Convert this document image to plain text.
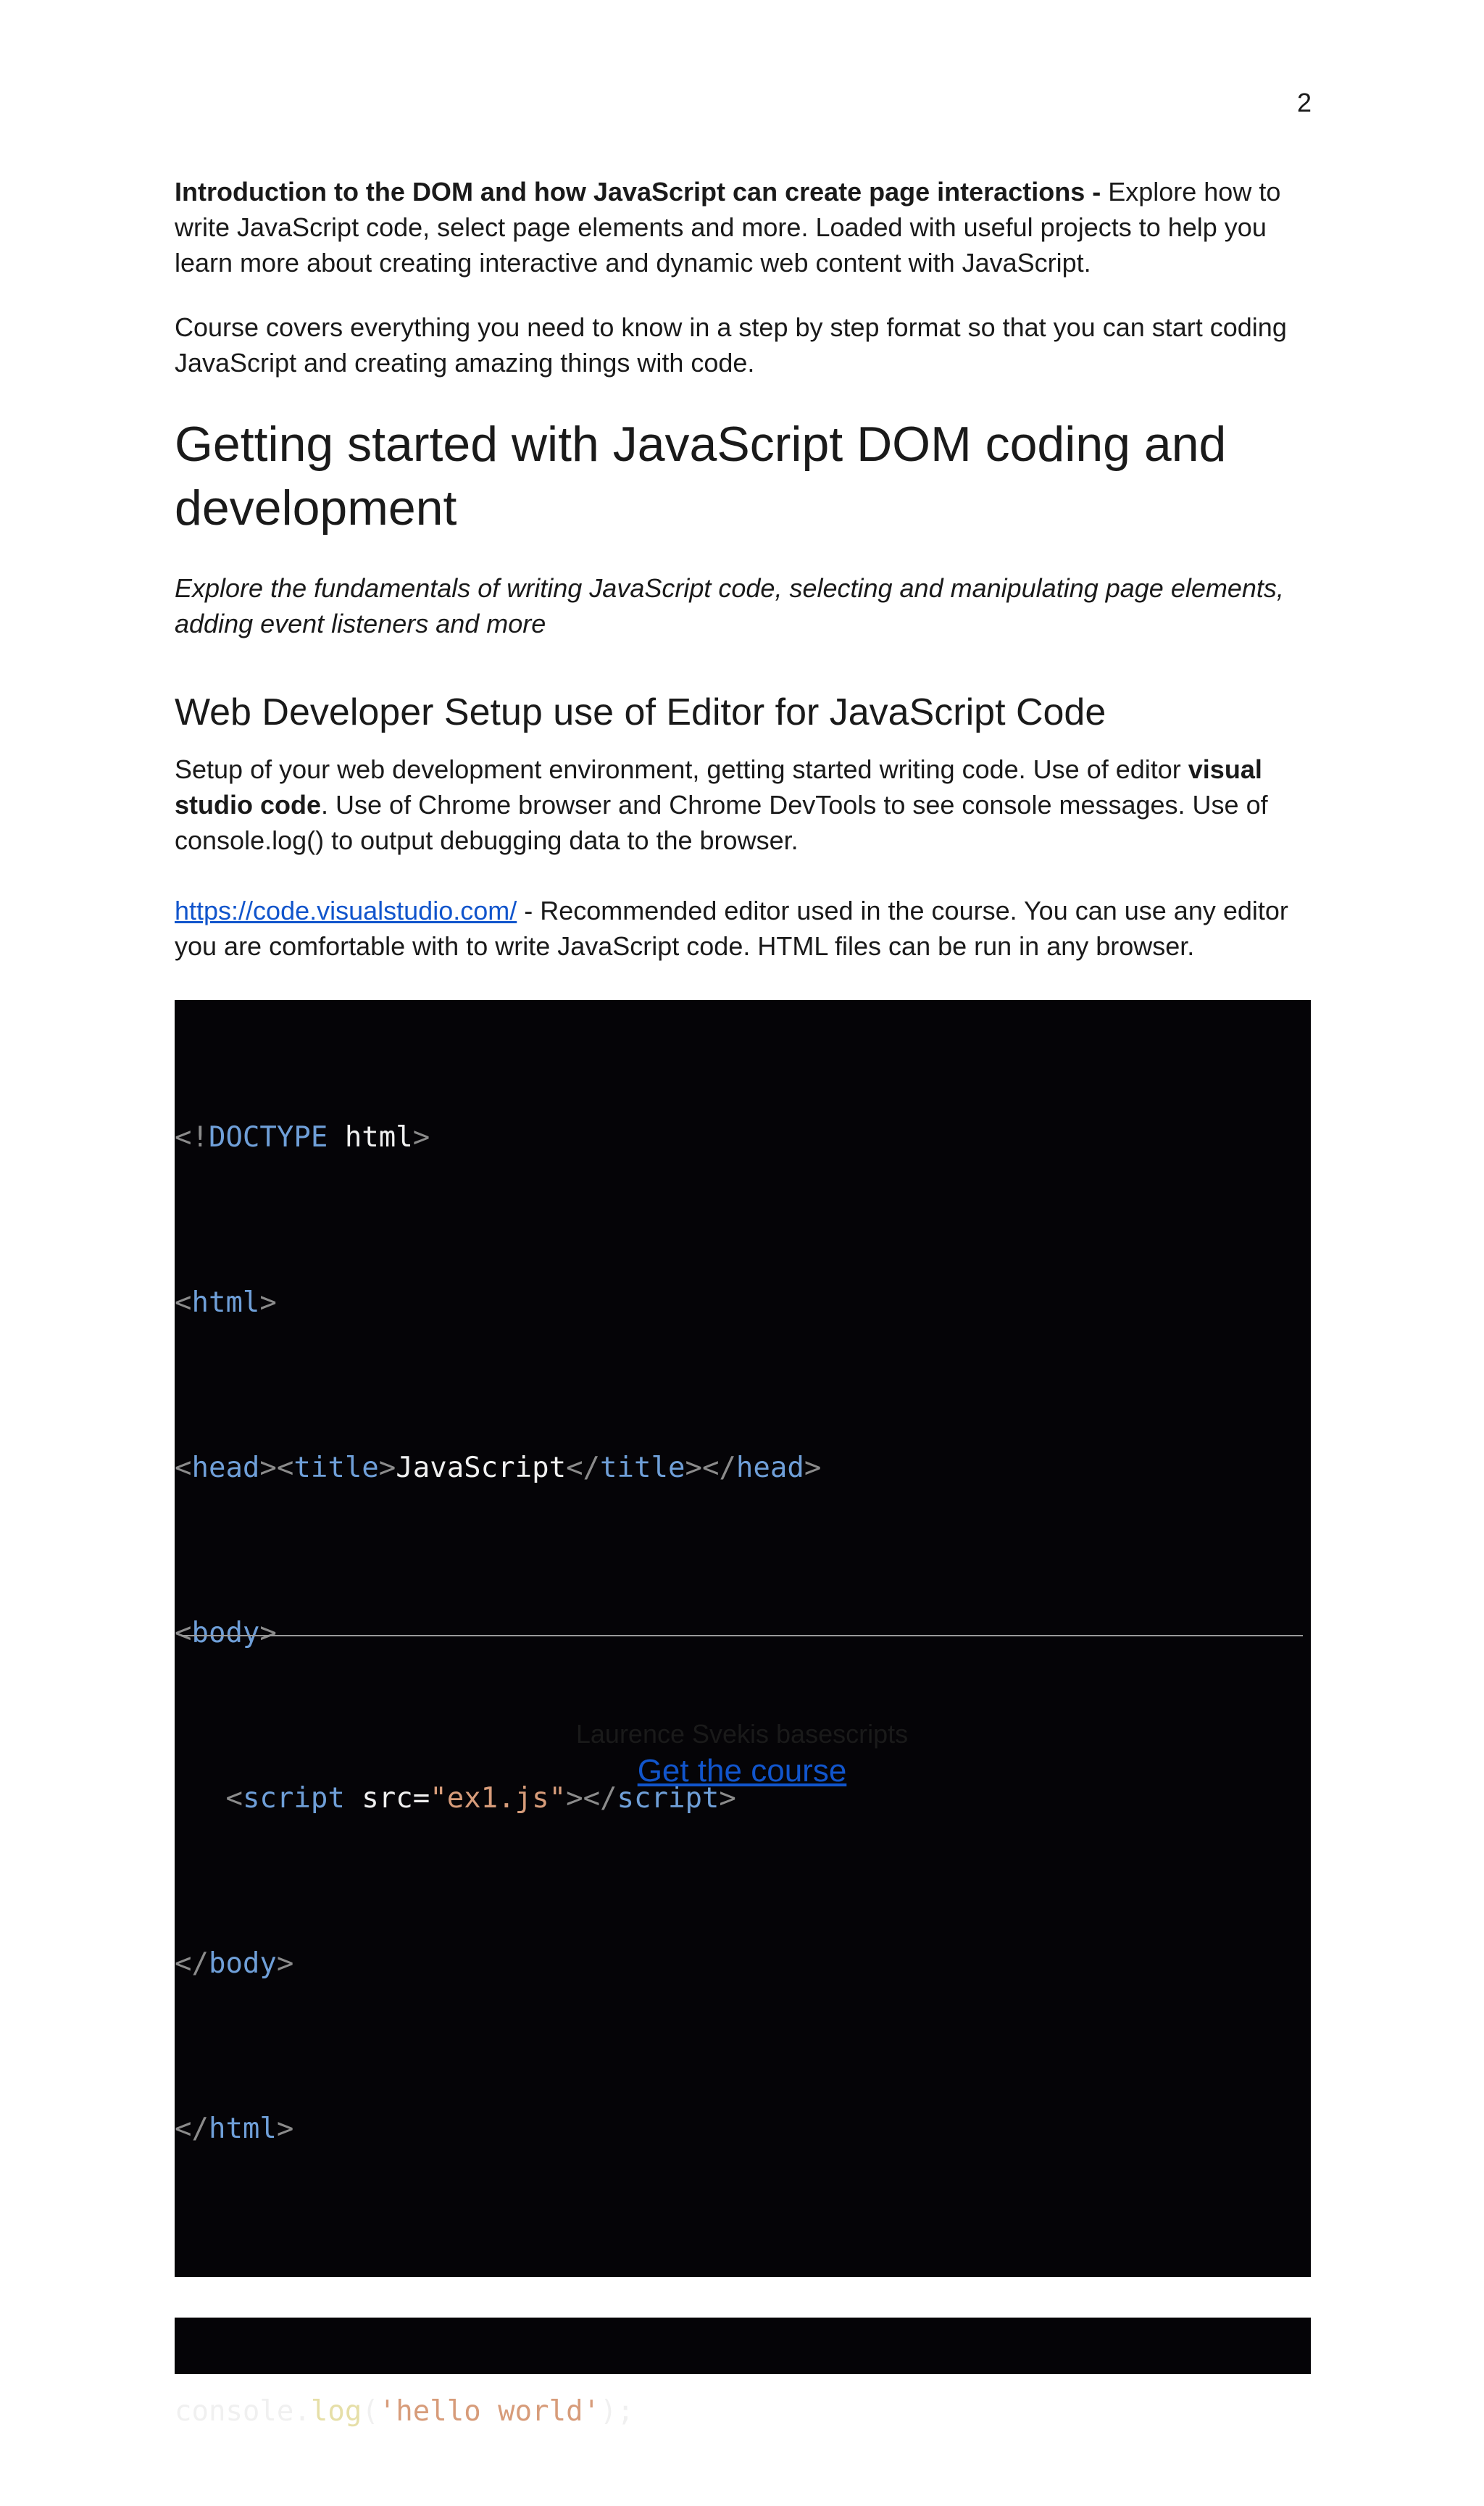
2

Introduction to the DOM and how JavaScript can create page interactions - Explore how to write JavaScript code, select page elements and more. Loaded with useful projects to help you learn more about creating interactive and dynamic web content with JavaScript.

Course covers everything you need to know in a step by step format so that you can start coding JavaScript and creating amazing things with code.

Getting started with JavaScript DOM coding and development

Explore the fundamentals of writing JavaScript code, selecting and manipulating page elements, adding event listeners and more

Web Developer Setup use of Editor for JavaScript Code

Setup of your web development environment, getting started writing code. Use of editor visual studio code. Use of Chrome browser and Chrome DevTools to see console messages. Use of console.log() to output debugging data to the browser.

https://code.visualstudio.com/ - Recommended editor used in the course. You can use any editor you are comfortable with to write JavaScript code. HTML files can be run in any browser.

<!DOCTYPE html>

<html>

<head><title>JavaScript</title></head>

<body>

<script src="ex1.js"></script>

</body>

</html>

console.log('hello world');

Laurence Svekis basescripts
Get the course
